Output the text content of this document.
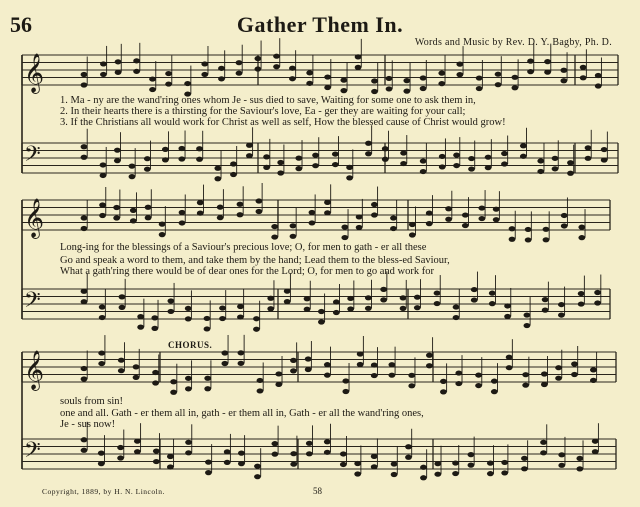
56	Gather Them In.
Words and Music by Rev. D. Y. Bagby, Ph. D.
𝄞
𝄢
𝄞
𝄢
𝄞
𝄢
1. Ma - ny are the wand'ring ones whom Je - sus died to save, Waiting for some one to ask them in,
2. In their hearts there is a thirsting for the Saviour's love, Ea - ger they are waiting for your call;
3. If the Christians all would work for Christ as well as self, How the blessed cause of Christ would grow!
Long-ing for the blessings of a Saviour's precious love; O, for men to gath - er all these
Go and speak a word to them, and take them by the hand; Lead them to the bless-ed Saviour,
What a gath'ring there would be of dear ones for the Lord; O, for men to go and work for
CHORUS.
souls from sin!
one and all. Gath - er them all in, gath - er them all in, Gath - er all the wand'ring ones,
Je - sus now!
Copyright, 1889, by H. N. Lincoln.	58
